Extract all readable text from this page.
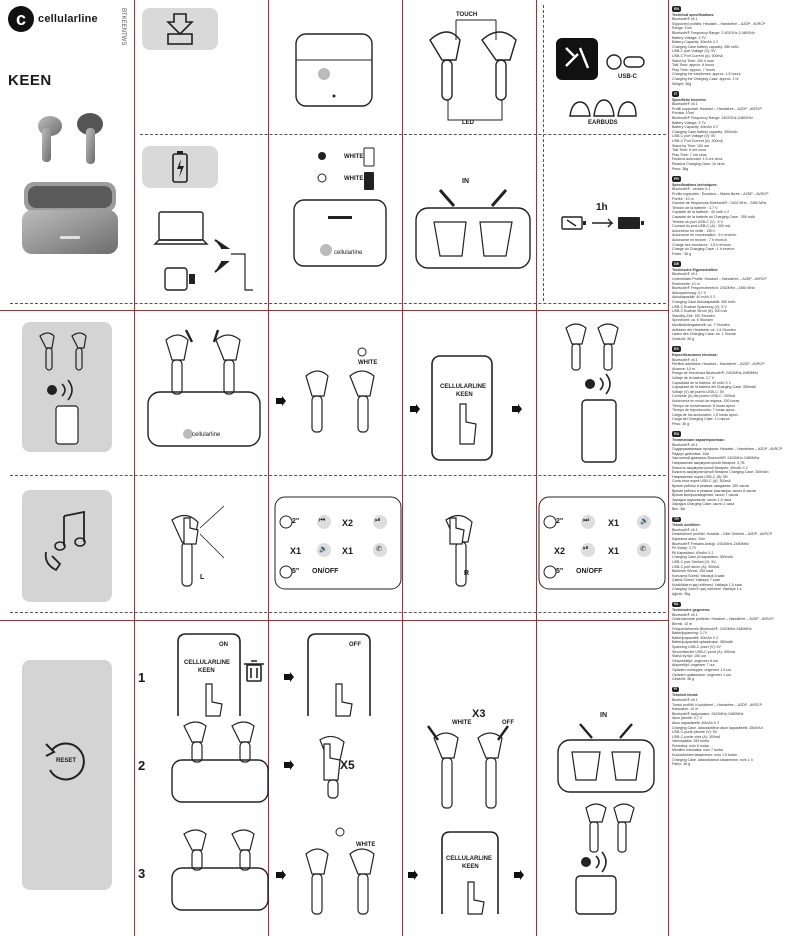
c	cellularline	BTKEENTWS
KEEN
WHITE
WHITE
cellularline
TOUCH
LED
IN
USB-C
EARBUDS
1h
cellularline
WHITE
CELLULARLINE
KEEN
L
2"	⏮ X2	⏯
X1	🔉 X1	✆
5" ON/OFF	R
2"	⏭ X1	🔊
X2	⏯ X1	✆
5" ON/OFF
RESET
1
2
3
ON
CELLULARLINE
KEEN
OFF
X5
WHITE
X3
OFF
IN
WHITE
CELLULARLINE
KEEN
EN
Technical specifications:
Bluetooth® v5.1
Supported profiles: Headset – Handsfree – A2DP - AVRCP
Range: 10m
Bluetooth® Frequency Range: 2.402GHz-2.480GHz
Battery Voltage: 3.7V
Battery Capacity: 40mAh X 2
Charging Case battery capacity: 350 mAh
USB-C port Voltage (V): 5V
USB-C Port Current (A): 300mA
Stand by Time: 150 h ours
Talk Time: approx. 6 hours
Play Time: approx. 7 hours
Charging the earphones: approx. 1.5 hours
Charging the Charging Case: approx. 1 hr
Weight: 36g
IT
Specifiche tecniche:
Bluetooth® v5.1
Profili supportati: Headset – Handsfree – A2DP - AVRCP
Portata: 10mt
Bluetooth® Frequency Range: 2402GHz-2480GHz
Battery Voltage: 3.7V
Battery Capacity: 40mAh X 2
Charging Case battery capacity: 350mAh
USB-C port Voltage (V): 5V
USB-C Port Current (A): 300mA
Stand by Time: 150 ore
Talk Time: 6 ore circa
Play Time: 7 ore circa
Ricarica auricolari: 1.5 ore circa
Ricarica Charging Case: 1h circa
Peso: 36g
FR
Spécifications techniques:
Bluetooth® : version 5.1
Profils supportés : Écouteur – Mains-libres – A2DP – AVRCP
Portée : 10 m
Gamme de fréquences Bluetooth® : 2402 MHz - 2480 MHz
Tension de la batterie : 3,7 V
Capacité de la batterie : 40 mAh x 2
Capacité de la batterie du Charging Case : 350 mAh
Tension du port USB-C (V) : 5 V
Courant du port USB-C (A) : 300 mA
Autonomie en veille : 150 h
Autonomie en conversation : 6 h environ
Autonomie en lecture : 7 h environ
Charge des écouteurs : 1,5 h environ
Charge du Charging Case : 1 h environ
Poids : 36 g
DE
Technische Eigenschaften:
Bluetooth® v5.1
Unterstützte Profile: Headset – Handsfree – A2DP - AVRCP
Reichweite: 10 m
Bluetooth® Frequenzbereich: 2402MHz - 2480 MHz
Akkuspannung: 3,7 V
Akkukapazität: 40 mAh X 2
Charging Case Akkukapazität: 350 mAh
USB-C Buchse Spannung (V): 5 V
USB-C Buchse Strom (A): 300 mA
Standby-Zeit: 150 Stunden
Sprechzeit: ca. 6 Stunden
Musikwiedergabezeit: ca. 7 Stunden
Aufladen der Headsets: ca. 1,5 Stunden
Laden des Charging Case: ca. 1 Stunde
Gewicht: 36 g
ES
Especificaciones técnicas:
Bluetooth® v5.1
Perfiles admitidos: Headset – Handsfree – A2DP - AVRCP
Alcance: 10 m
Rango de frecuencia Bluetooth®: 2402MHz-2480MHz
Voltaje de la batería: 3,7 V
Capacidad de la batería: 40 mAh X 2
Capacidad de la batería del Charging Case: 350mAh
Voltaje (V) del puerto USB-C: 5V
Corriente (A) del puerto USB-C: 300mA
Autonomía en modo de espera: 150 horas
Tiempo de conversación: 6 horas aprox.
Tiempo de reproducción: 7 horas aprox.
Carga de los auriculares: 1,5 horas aprox.
Carga del Charging Case: 1 h aprox.
Peso: 36 g
RU
Технические характеристики:
Bluetooth® v5.1
Поддерживаемые профили: Headset – Handsfree – A2DP - AVRCP
Радиус действия: 10м
Частотный диапазон Bluetooth®: 2402MHz-2480MHz
Напряжение аккумуляторной батареи: 3,7В
Емкость аккумуляторной батареи: 40mAh X 2
Емкость аккумуляторной батареи Charging Case: 350mAh
Напряжение порта USB-C (В): 5В
Сила тока порта USB-C (А): 300mA
Время работы в режиме ожидания: 150 часов
Время работы в режиме разговора: около 6 часов
Время воспроизведения: около 7 часов
Зарядка наушников: около 1,5 часа
Зарядка Charging Case: около 1 часа
Вес: 36г
TR
Teknik özellikler:
Bluetooth® v5.1
Desteklenen profiller: Kulaklık – Eller Serbest – A2DP - AVRCP
Kapsama alanı: 10m
Bluetooth® Frekans Aralığı: 2402MHz-2480MHz
Pil Voltajı: 3,7V
Pil Kapasitesi: 40mAh X 2
Charging Case pil kapasitesi: 350mAh
USB-C port Gerilimi (V): 5V
USB-C port akımı (A): 300mA
Bekleme Süresi: 150 saat
Konuşma Süresi: Yaklaşık 6 saat
Çalma Süresi: Yaklaşık 7 saat
Kulaklıkların şarj edilmesi: Yaklaşık 1,5 saat
Charging Case'in şarj edilmesi: Yaklaşık 1 s
Ağırlık: 36g
NL
Technische gegevens:
Bluetooth® v5.1
Ondersteunde profielen: Headset – Handsfree – A2DP - AVRCP
Bereik: 10 m
Frequentiebereik Bluetooth®: 2402MHz-2480MHz
Batterijspanning: 3,7V
Batterijcapaciteit: 40mAh X 2
Batterijcapaciteit oplaadcase: 350mAh
Spanning USB-C-poort (V): 5V
Stroomsterkte USB-C-poort (A): 300mA
Stand-by tijd: 150 uur
Gesprekstijd: ongeveer 6 uur
Afspeeltijd: ongeveer 7 uur
Opladen oordopjes: ongeveer 1,5 uur
Opladen oplaadcase: ongeveer 1 uur
Gewicht: 36 g
FI
Tekniset tiedot:
Bluetooth® v5.1
Tuetut profiilit: Kuulokkeet – Handsfree – A2DP - AVRCP
Kantoalue: 10 m
Bluetooth®-taajuusalue: 2402MHz-2480MHz
Akun jännite: 3,7 V
Akun kapasiteetti: 40mAh X 2
Charging Case -latauskotelon akun kapasiteetti: 350mAh
USB-C-portin jännite (V): 5V
USB-C-portin virta (A): 300mA
Valmiusaika: 150 tuntia
Puheaika: noin 6 tuntia
Musiikin toistoaika: noin 7 tuntia
Kuulokkeiden lataaminen: noin 1,5 tuntia
Charging Case -latauskotelon lataaminen: noin 1 h
Paino: 36 g
